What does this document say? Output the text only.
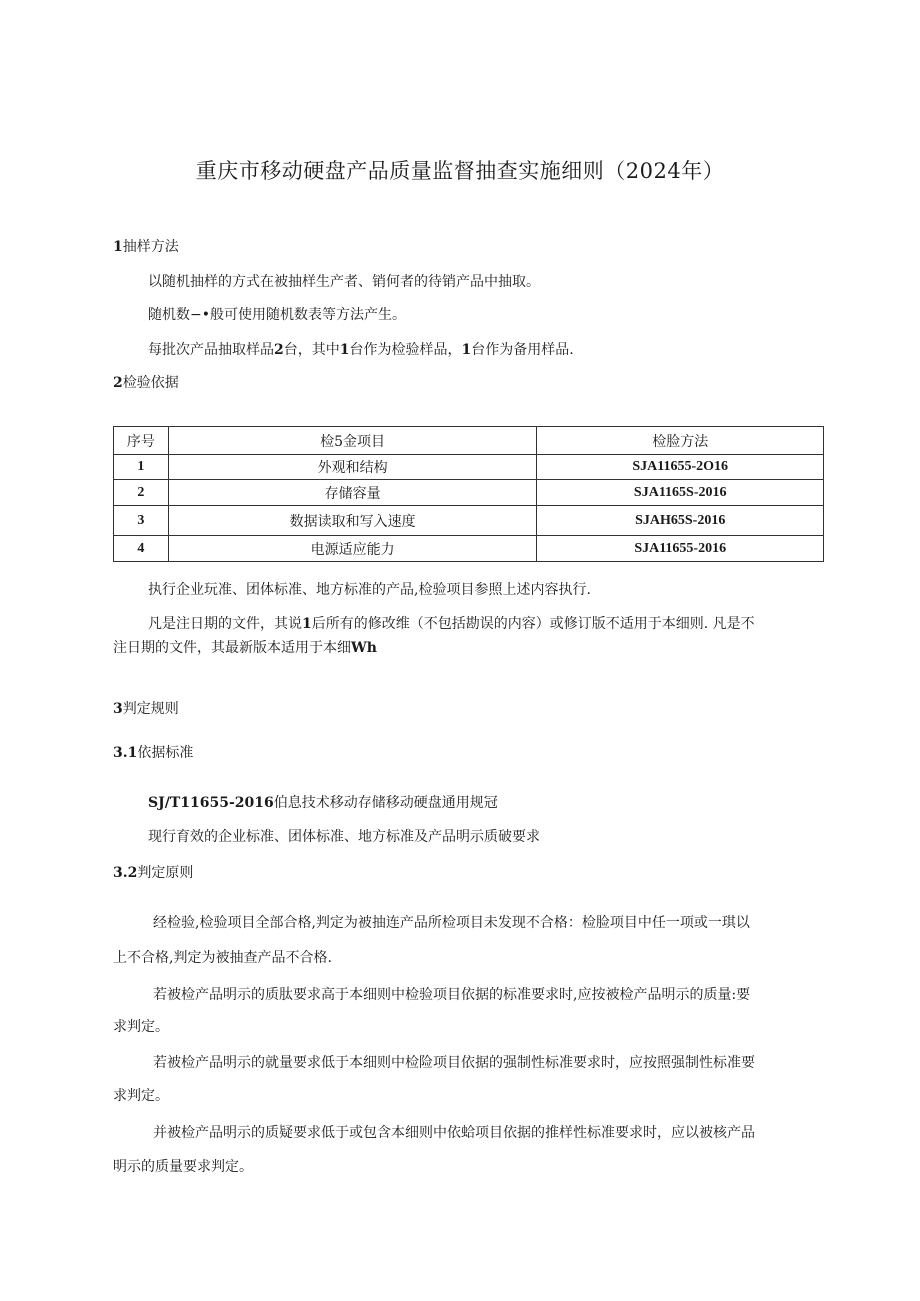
重庆市移动硬盘产品质量监督抽查实施细则（2024年）
1抽样方法
以随机抽样的方式在被抽样生产者、销何者的待销产品中抽取。
随机数−•般可使用随机数表等方法产生。
每批次产品抽取样品2台，其中1台作为检验样品，1台作为备用样品.
2检验依据
序号	检5金项目	检脸方法
1	外观和结构	SJA11655-2O16
2	存储容量	SJA1165S-2016
3	数据读取和写入速度	SJAH65S-2016
4	电源适应能力	SJA11655-2016
执行企业玩准、团体标准、地方标准的产品,检验项目参照上述内容执行.
凡是注日期的文件，其说1后所有的修改维（不包括勘误的内容）或修订版不适用于本细则. 凡是不
注日期的文件，其最新版本适用于本细Wh
3判定规则
3.1依据标准
SJ/T11655-2016伯息技术移动存储移动硬盘通用规冠
现行育效的企业标准、团体标准、地方标准及产品明示质破要求
3.2判定原则
经检验,检验项目全部合格,判定为被抽连产品所检项目未发现不合格：检脸项目中任一项或一琪以
上不合格,判定为被抽查产品不合格.
若被检产品明示的质肽要求高于本细则中检验项目依据的标准要求时,应按被检产品明示的质量:要
求判定。
若被检产品明示的就量要求低于本细则中检险项目依据的强制性标准要求时，应按照强制性标准要
求判定。
并被检产品明示的质疑要求低于或包含本细则中依蛤项目依据的推样性标准要求时，应以被核产品
明示的质量要求判定。
